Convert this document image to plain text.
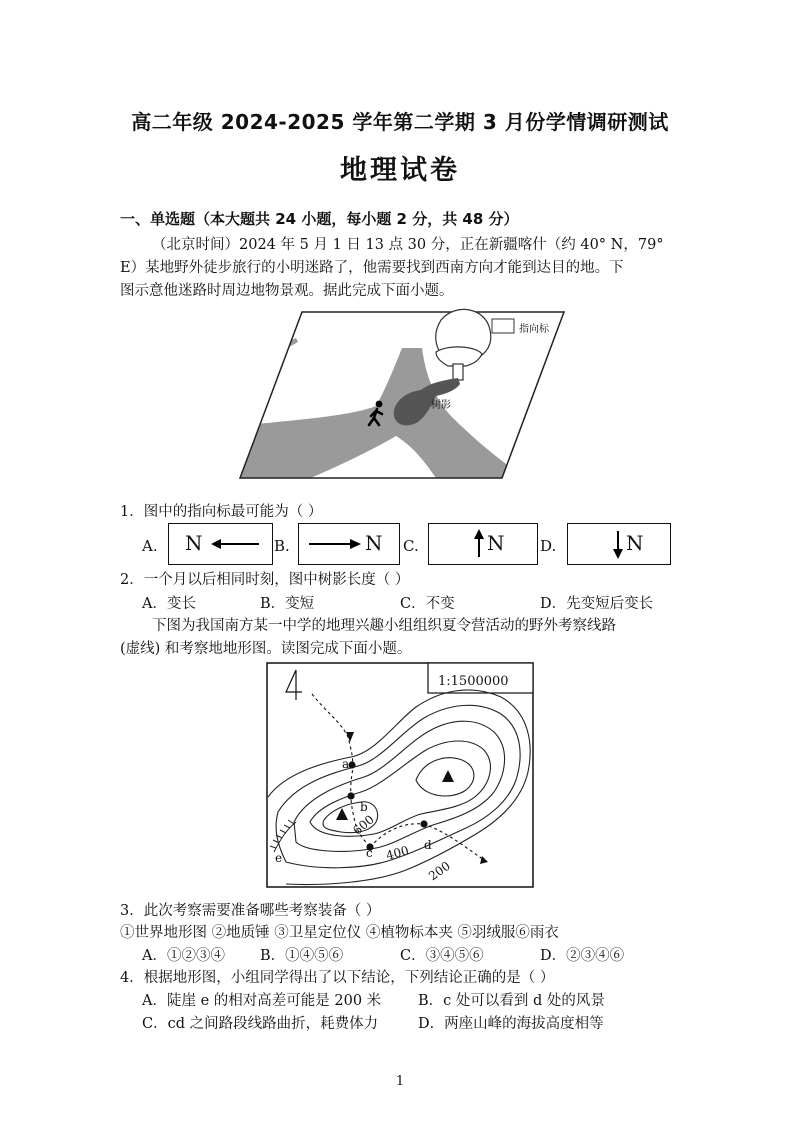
高二年级 2024-2025 学年第二学期 3 月份学情调研测试
地理试卷
一、单选题（本大题共 24 小题，每小题 2 分，共 48 分）
（北京时间）2024 年 5 月 1 日 13 点 30 分，正在新疆喀什（约 40° N，79°
E）某地野外徒步旅行的小明迷路了，他需要找到西南方向才能到达目的地。下
图示意他迷路时周边地物景观。据此完成下面小题。
指向标
树影
1．图中的指向标最可能为（ ）
A. N	B.	N C.	N D.	N
2．一个月以后相同时刻，图中树影长度（ ）
A．变长	B．变短	C．不变	D．先变短后变长
下图为我国南方某一中学的地理兴趣小组组织夏令营活动的野外考察线路
(虚线) 和考察地地形图。读图完成下面小题。
1:1500000
a
b
c
d
e
600
400
200
3．此次考察需要准备哪些考察装备（ ）
①世界地形图 ②地质锤 ③卫星定位仪 ④植物标本夹 ⑤羽绒服⑥雨衣
A．①②③④ B．①④⑤⑥	C．③④⑤⑥	D．②③④⑥
4．根据地形图，小组同学得出了以下结论，下列结论正确的是（ ）
A．陡崖 e 的相对高差可能是 200 米	B．c 处可以看到 d 处的风景
C．cd 之间路段线路曲折，耗费体力	D．两座山峰的海拔高度相等
1
